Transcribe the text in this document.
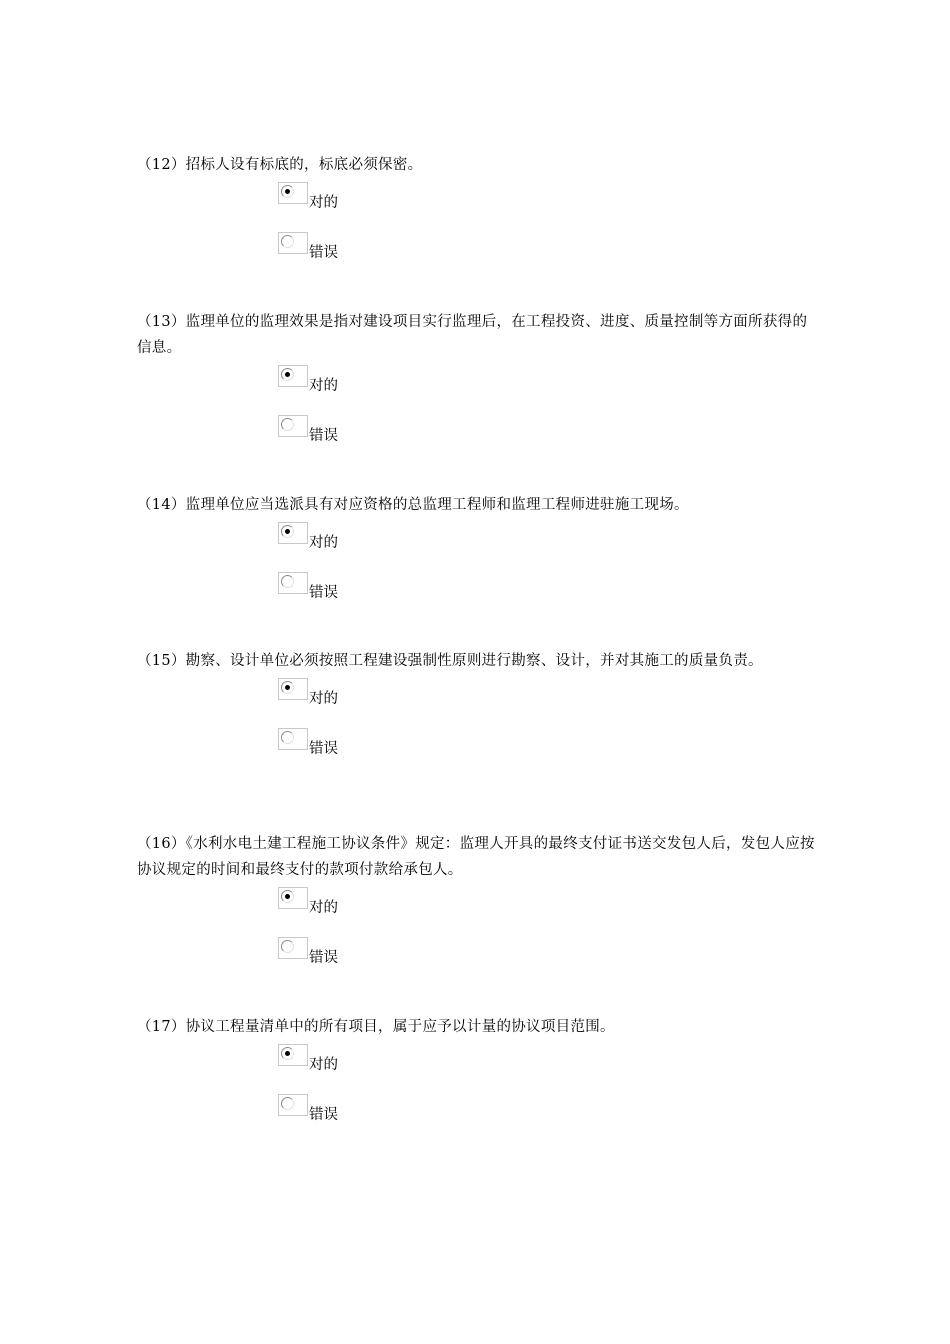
（12）招标人设有标底的，标底必须保密。

对的
错误

（13）监理单位的监理效果是指对建设项目实行监理后，在工程投资、进度、质量控制等方面所获得的信息。

对的
错误

（14）监理单位应当选派具有对应资格的总监理工程师和监理工程师进驻施工现场。

对的
错误

（15）勘察、设计单位必须按照工程建设强制性原则进行勘察、设计，并对其施工的质量负责。

对的
错误

（16）《水利水电土建工程施工协议条件》规定：监理人开具的最终支付证书送交发包人后，发包人应按协议规定的时间和最终支付的款项付款给承包人。

对的
错误

（17）协议工程量清单中的所有项目，属于应予以计量的协议项目范围。

对的
错误
